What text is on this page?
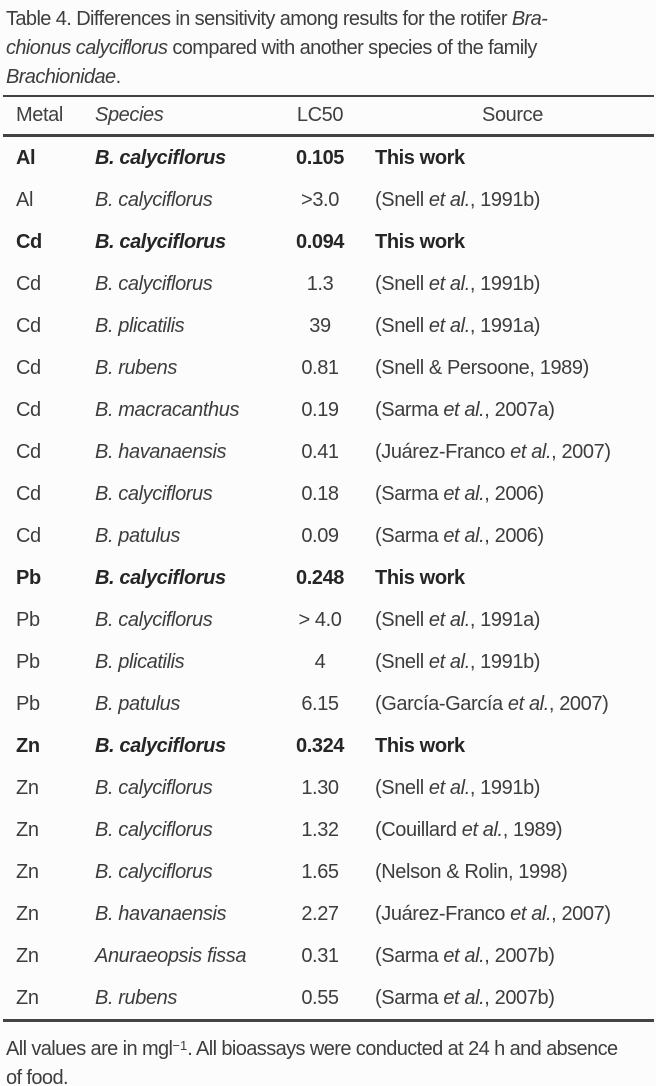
Table 4. Differences in sensitivity among results for the rotifer Bra-
chionus calyciflorus compared with another species of the family
Brachionidae.
Metal	Species	LC50	Source
Al	B. calyciflorus	0.105	This work
Al	B. calyciflorus	>3.0	(Snell et al., 1991b)
Cd	B. calyciflorus	0.094	This work
Cd	B. calyciflorus	1.3	(Snell et al., 1991b)
Cd	B. plicatilis	39	(Snell et al., 1991a)
Cd	B. rubens	0.81	(Snell & Persoone, 1989)
Cd	B. macracanthus	0.19	(Sarma et al., 2007a)
Cd	B. havanaensis	0.41	(Juárez-Franco et al., 2007)
Cd	B. calyciflorus	0.18	(Sarma et al., 2006)
Cd	B. patulus	0.09	(Sarma et al., 2006)
Pb	B. calyciflorus	0.248	This work
Pb	B. calyciflorus	> 4.0	(Snell et al., 1991a)
Pb	B. plicatilis	4	(Snell et al., 1991b)
Pb	B. patulus	6.15	(García-García et al., 2007)
Zn	B. calyciflorus	0.324	This work
Zn	B. calyciflorus	1.30	(Snell et al., 1991b)
Zn	B. calyciflorus	1.32	(Couillard et al., 1989)
Zn	B. calyciflorus	1.65	(Nelson & Rolin, 1998)
Zn	B. havanaensis	2.27	(Juárez-Franco et al., 2007)
Zn	Anuraeopsis fissa	0.31	(Sarma et al., 2007b)
Zn	B. rubens	0.55	(Sarma et al., 2007b)
All values are in mgl$^{-1}$. All bioassays were conducted at 24 h and absence
of food.
